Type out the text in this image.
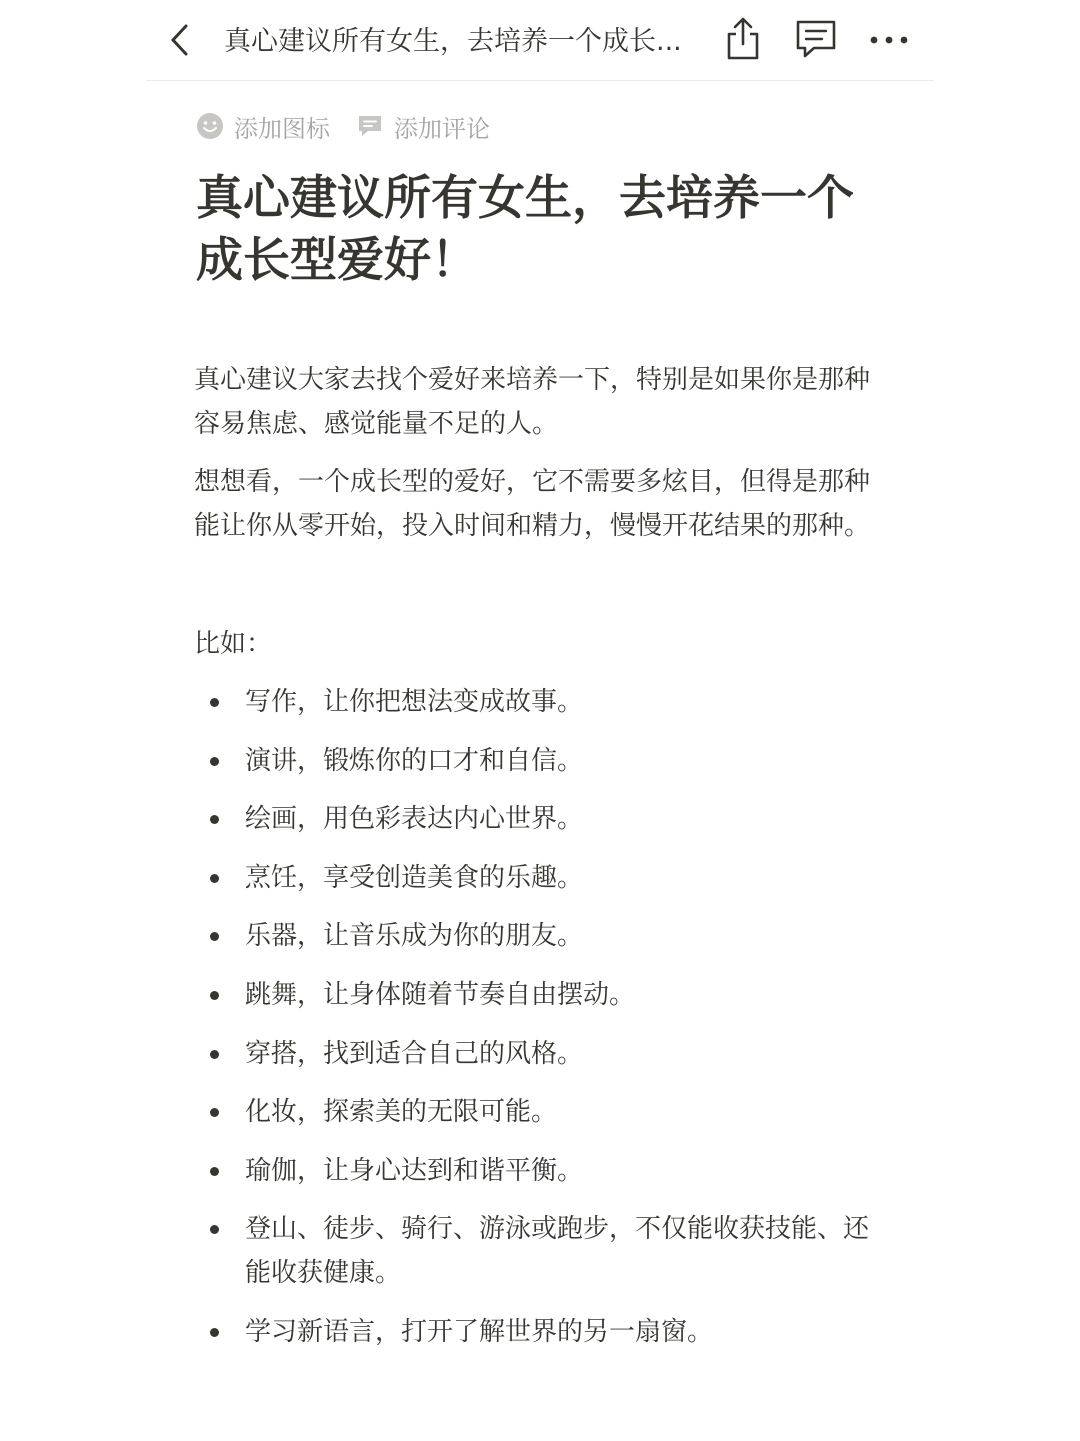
真心建议所有女生，去培养一个成长...
添加图标	添加评论
真心建议所有女生，去培养一个成长型爱好！

真心建议大家去找个爱好来培养一下，特别是如果你是那种容易焦虑、感觉能量不足的人。

想想看，一个成长型的爱好，它不需要多炫目，但得是那种能让你从零开始，投入时间和精力，慢慢开花结果的那种。

比如：

写作，让你把想法变成故事。
演讲，锻炼你的口才和自信。
绘画，用色彩表达内心世界。
烹饪，享受创造美食的乐趣。
乐器，让音乐成为你的朋友。
跳舞，让身体随着节奏自由摆动。
穿搭，找到适合自己的风格。
化妆，探索美的无限可能。
瑜伽，让身心达到和谐平衡。
登山、徒步、骑行、游泳或跑步，不仅能收获技能、还能收获健康。
学习新语言，打开了解世界的另一扇窗。
